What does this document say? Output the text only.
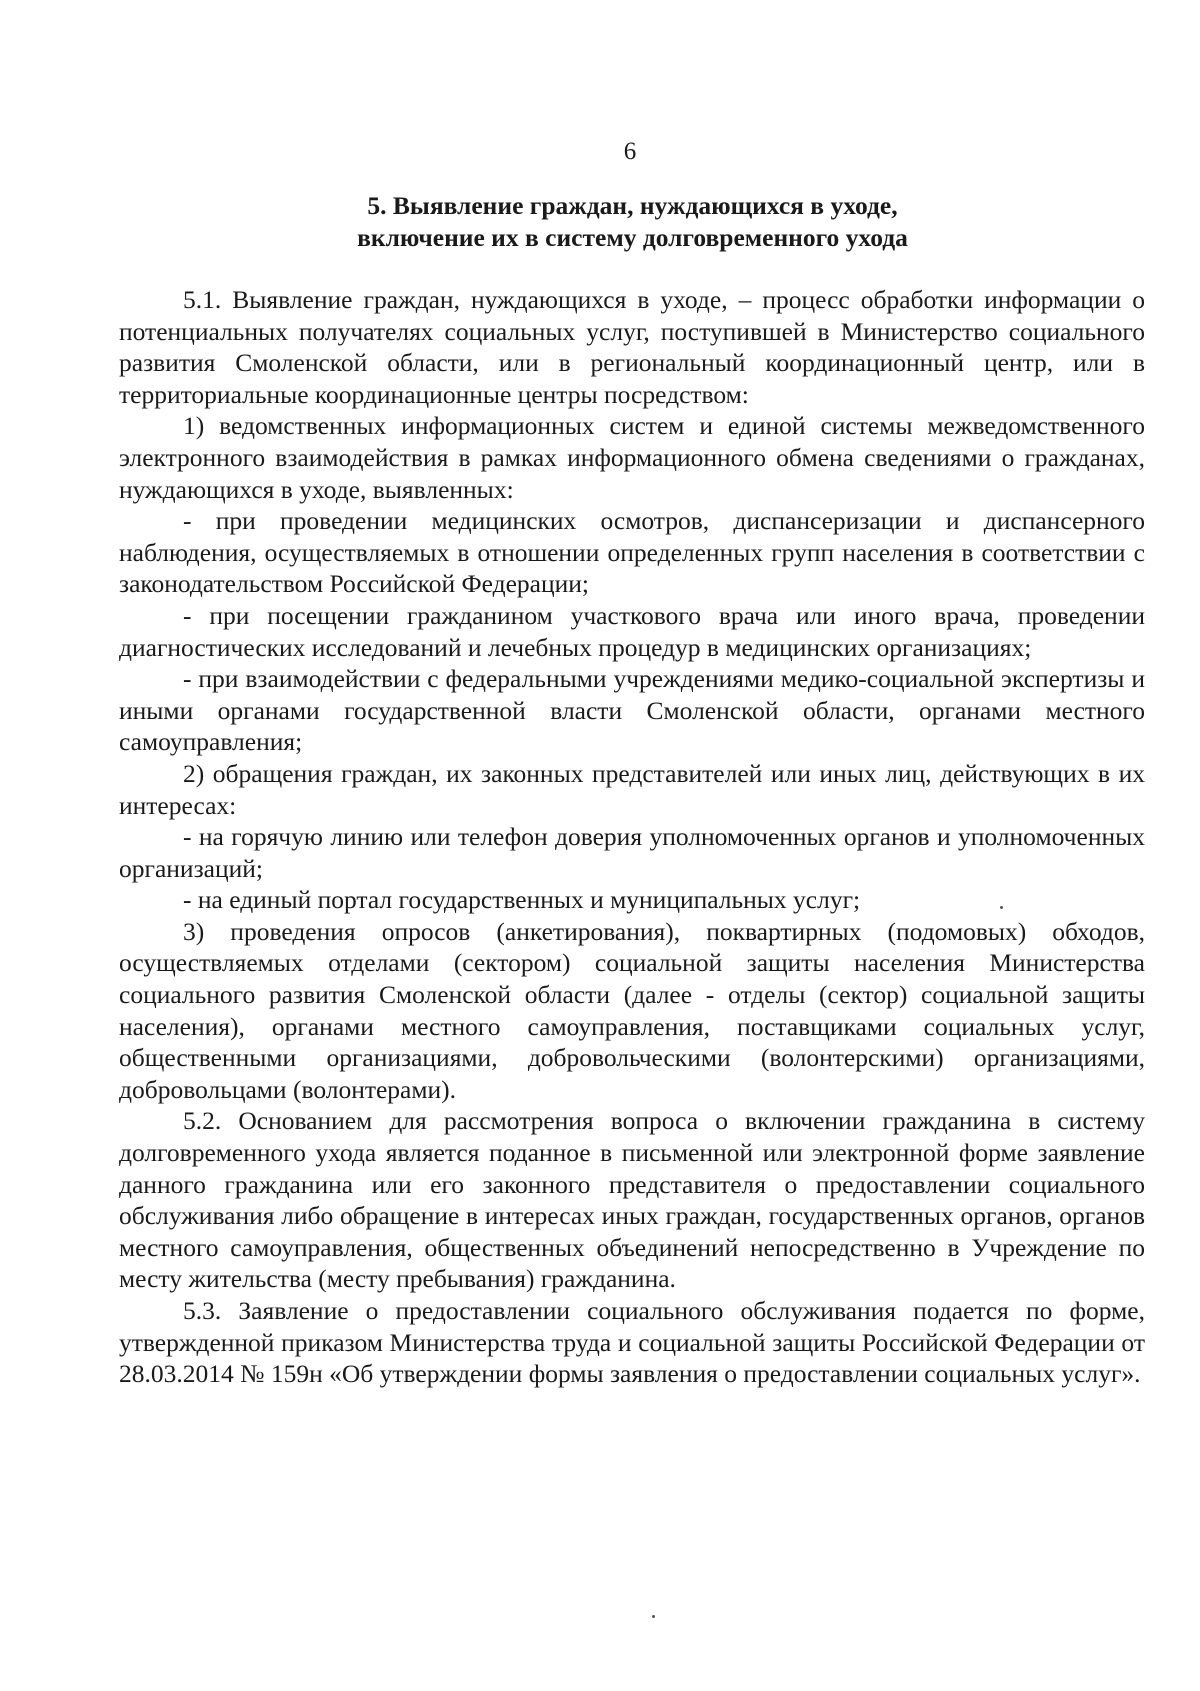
6
5. Выявление граждан, нуждающихся в уходе,
включение их в систему долговременного ухода

5.1. Выявление граждан, нуждающихся в уходе, – процесс обработки информации о потенциальных получателях социальных услуг, поступившей в Министерство социального развития Смоленской области, или в региональный координационный центр, или в территориальные координационные центры посредством:

1) ведомственных информационных систем и единой системы межведомственного электронного взаимодействия в рамках информационного обмена сведениями о гражданах, нуждающихся в уходе, выявленных:

- при проведении медицинских осмотров, диспансеризации и диспансерного наблюдения, осуществляемых в отношении определенных групп населения в соответствии с законодательством Российской Федерации;

- при посещении гражданином участкового врача или иного врача, проведении диагностических исследований и лечебных процедур в медицинских организациях;

- при взаимодействии с федеральными учреждениями медико-социальной экспертизы и иными органами государственной власти Смоленской области, органами местного самоуправления;

2) обращения граждан, их законных представителей или иных лиц, действующих в их интересах:

- на горячую линию или телефон доверия уполномоченных органов и уполномоченных организаций;

- на единый портал государственных и муниципальных услуг;

3) проведения опросов (анкетирования), поквартирных (подомовых) обходов, осуществляемых отделами (сектором) социальной защиты населения Министерства социального развития Смоленской области (далее - отделы (сектор) социальной защиты населения), органами местного самоуправления, поставщиками социальных услуг, общественными организациями, добровольческими (волонтерскими) организациями, добровольцами (волонтерами).

5.2. Основанием для рассмотрения вопроса о включении гражданина в систему долговременного ухода является поданное в письменной или электронной форме заявление данного гражданина или его законного представителя о предоставлении социального обслуживания либо обращение в интересах иных граждан, государственных органов, органов местного самоуправления, общественных объединений непосредственно в Учреждение по месту жительства (месту пребывания) гражданина.

5.3. Заявление о предоставлении социального обслуживания подается по форме, утвержденной приказом Министерства труда и социальной защиты Российской Федерации от 28.03.2014 № 159н «Об утверждении формы заявления о предоставлении социальных услуг».
